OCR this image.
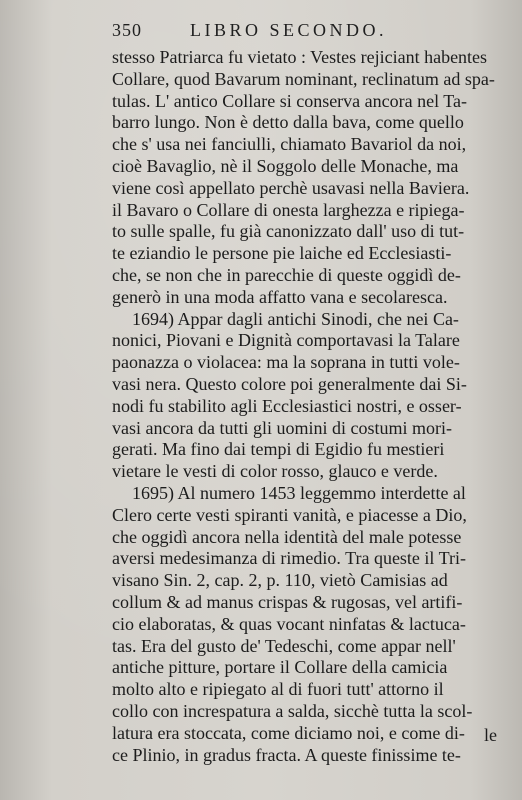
350	LIBRO SECONDO.
stesso Patriarca fu vietato : Vestes rejiciant habentes
Collare, quod Bavarum nominant, reclinatum ad spa-
tulas. L' antico Collare si conserva ancora nel Ta-
barro lungo. Non è detto dalla bava, come quello
che s' usa nei fanciulli, chiamato Bavariol da noi,
cioè Bavaglio, nè il Soggolo delle Monache, ma
viene così appellato perchè usavasi nella Baviera.
il Bavaro o Collare di onesta larghezza e ripiega-
to sulle spalle, fu già canonizzato dall' uso di tut-
te eziandio le persone pie laiche ed Ecclesiasti-
che, se non che in parecchie di queste oggidì de-
generò in una moda affatto vana e secolaresca.
1694) Appar dagli antichi Sinodi, che nei Ca-
nonici, Piovani e Dignità comportavasi la Talare
paonazza o violacea: ma la soprana in tutti vole-
vasi nera. Questo colore poi generalmente dai Si-
nodi fu stabilito agli Ecclesiastici nostri, e osser-
vasi ancora da tutti gli uomini di costumi mori-
gerati. Ma fino dai tempi di Egidio fu mestieri
vietare le vesti di color rosso, glauco e verde.
1695) Al numero 1453 leggemmo interdette al
Clero certe vesti spiranti vanità, e piacesse a Dio,
che oggidì ancora nella identità del male potesse
aversi medesimanza di rimedio. Tra queste il Tri-
visano Sin. 2, cap. 2, p. 110, vietò Camisias ad
collum & ad manus crispas & rugosas, vel artifi-
cio elaboratas, & quas vocant ninfatas & lactuca-
tas. Era del gusto de' Tedeschi, come appar nell'
antiche pitture, portare il Collare della camicia
molto alto e ripiegato al di fuori tutt' attorno il
collo con increspatura a salda, sicchè tutta la scol-
latura era stoccata, come diciamo noi, e come di-
ce Plinio, in gradus fracta. A queste finissime te-
le
